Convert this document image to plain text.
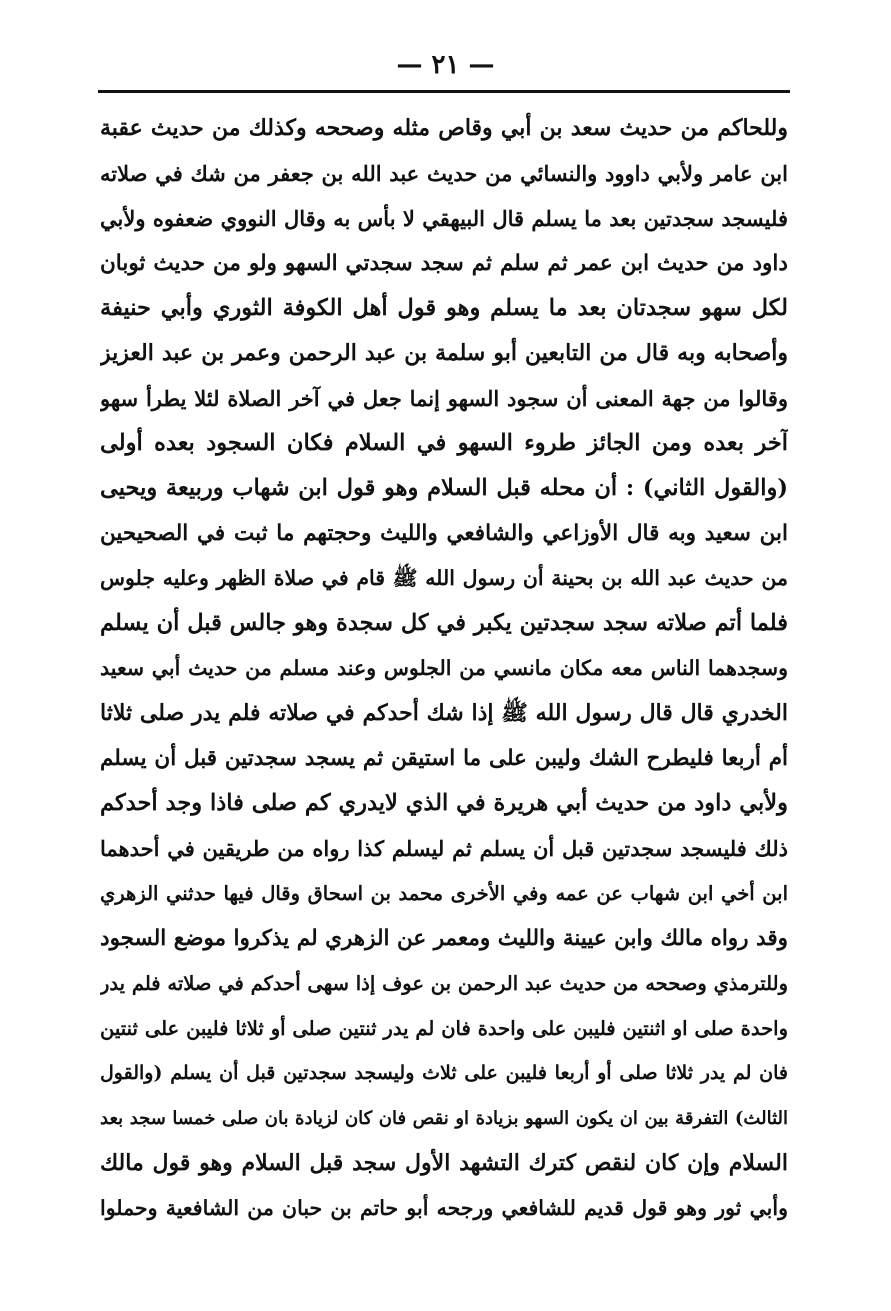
— ٢١ —
وللحاكم من حديث سعد بن أبي وقاص مثله وصححه وكذلك من حديث عقبة
ابن عامر ولأبي داوود والنسائي من حديث عبد الله بن جعفر من شك في صلاته
فليسجد سجدتين بعد ما يسلم قال البيهقي لا بأس به وقال النووي ضعفوه ولأبي
داود من حديث ابن عمر ثم سلم ثم سجد سجدتي السهو ولو من حديث ثوبان
لكل سهو سجدتان بعد ما يسلم وهو قول أهل الكوفة الثوري وأبي حنيفة
وأصحابه وبه قال من التابعين أبو سلمة بن عبد الرحمن وعمر بن عبد العزيز
وقالوا من جهة المعنى أن سجود السهو إنما جعل في آخر الصلاة لئلا يطرأ سهو
آخر بعده ومن الجائز طروء السهو في السلام فكان السجود بعده أولى
(والقول الثاني) : أن محله قبل السلام وهو قول ابن شهاب وربيعة ويحيى
ابن سعيد وبه قال الأوزاعي والشافعي والليث وحجتهم ما ثبت في الصحيحين
من حديث عبد الله بن بحينة أن رسول الله ﷺ قام في صلاة الظهر وعليه جلوس
فلما أتم صلاته سجد سجدتين يكبر في كل سجدة وهو جالس قبل أن يسلم
وسجدهما الناس معه مكان مانسي من الجلوس وعند مسلم من حديث أبي سعيد
الخدري قال قال رسول الله ﷺ إذا شك أحدكم في صلاته فلم يدر صلى ثلاثا
أم أربعا فليطرح الشك وليبن على ما استيقن ثم يسجد سجدتين قبل أن يسلم
ولأبي داود من حديث أبي هريرة في الذي لايدري كم صلى فاذا وجد أحدكم
ذلك فليسجد سجدتين قبل أن يسلم ثم ليسلم كذا رواه من طريقين في أحدهما
ابن أخي ابن شهاب عن عمه وفي الأخرى محمد بن اسحاق وقال فيها حدثني الزهري
وقد رواه مالك وابن عيينة والليث ومعمر عن الزهري لم يذكروا موضع السجود
وللترمذي وصححه من حديث عبد الرحمن بن عوف إذا سهى أحدكم في صلاته فلم يدر
واحدة صلى او اثنتين فليبن على واحدة فان لم يدر ثنتين صلى أو ثلاثا فليبن على ثنتين
فان لم يدر ثلاثا صلى أو أربعا فليبن على ثلاث وليسجد سجدتين قبل أن يسلم (والقول
الثالث) التفرقة بين ان يكون السهو بزيادة او نقص فان كان لزيادة بان صلى خمسا سجد بعد
السلام وإن كان لنقص كترك التشهد الأول سجد قبل السلام وهو قول مالك
وأبي ثور وهو قول قديم للشافعي ورجحه أبو حاتم بن حبان من الشافعية وحملوا
